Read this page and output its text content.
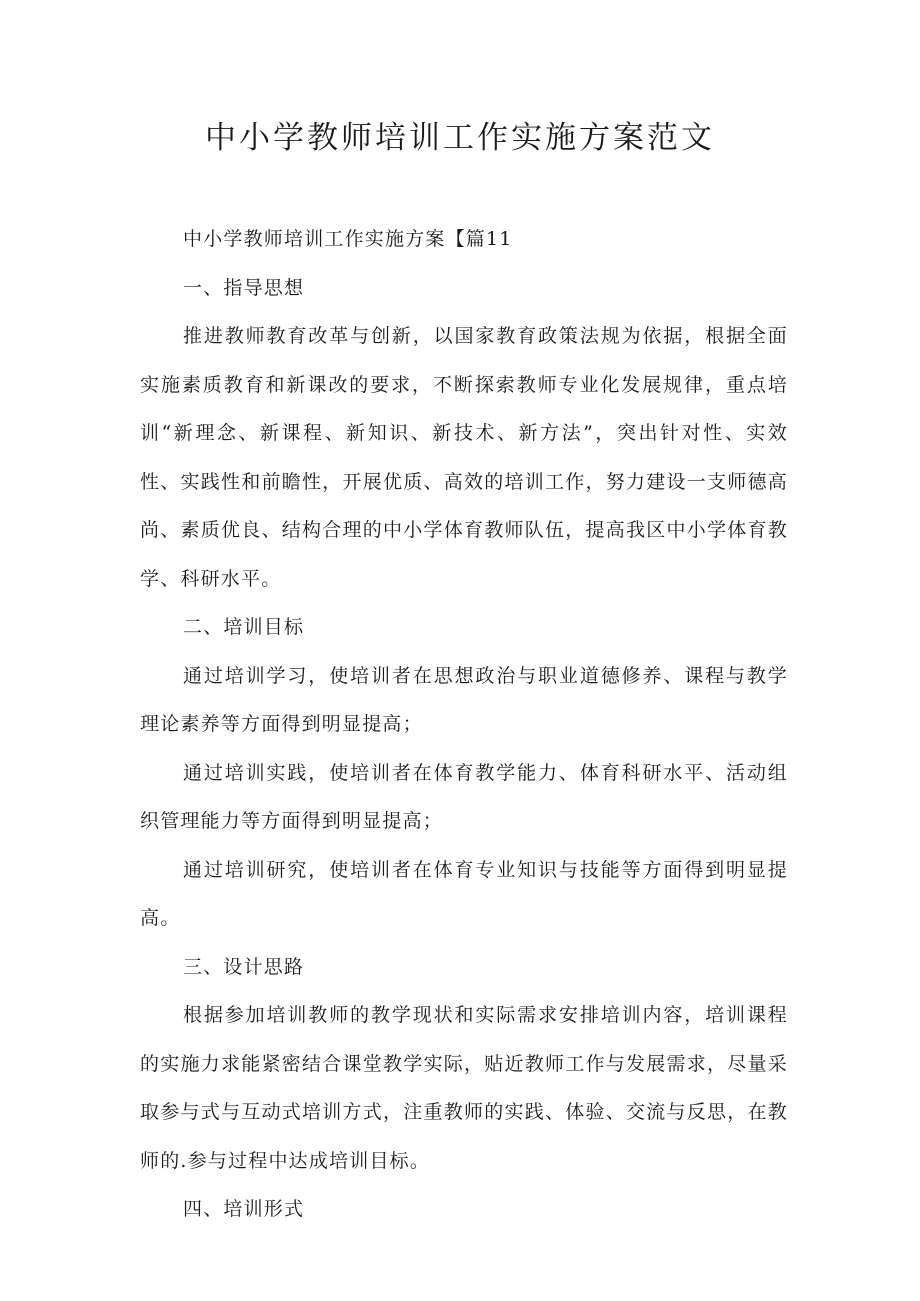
中小学教师培训工作实施方案范文

中小学教师培训工作实施方案【篇11

一、指导思想

推进教师教育改革与创新，以国家教育政策法规为依据，根据全面实施素质教育和新课改的要求，不断探索教师专业化发展规律，重点培训“新理念、新课程、新知识、新技术、新方法”，突出针对性、实效性、实践性和前瞻性，开展优质、高效的培训工作，努力建设一支师德高尚、素质优良、结构合理的中小学体育教师队伍，提高我区中小学体育教学、科研水平。

二、培训目标

通过培训学习，使培训者在思想政治与职业道德修养、课程与教学理论素养等方面得到明显提高；

通过培训实践，使培训者在体育教学能力、体育科研水平、活动组织管理能力等方面得到明显提高；

通过培训研究，使培训者在体育专业知识与技能等方面得到明显提高。

三、设计思路

根据参加培训教师的教学现状和实际需求安排培训内容，培训课程的实施力求能紧密结合课堂教学实际，贴近教师工作与发展需求，尽量采取参与式与互动式培训方式，注重教师的实践、体验、交流与反思，在教师的.参与过程中达成培训目标。

四、培训形式
